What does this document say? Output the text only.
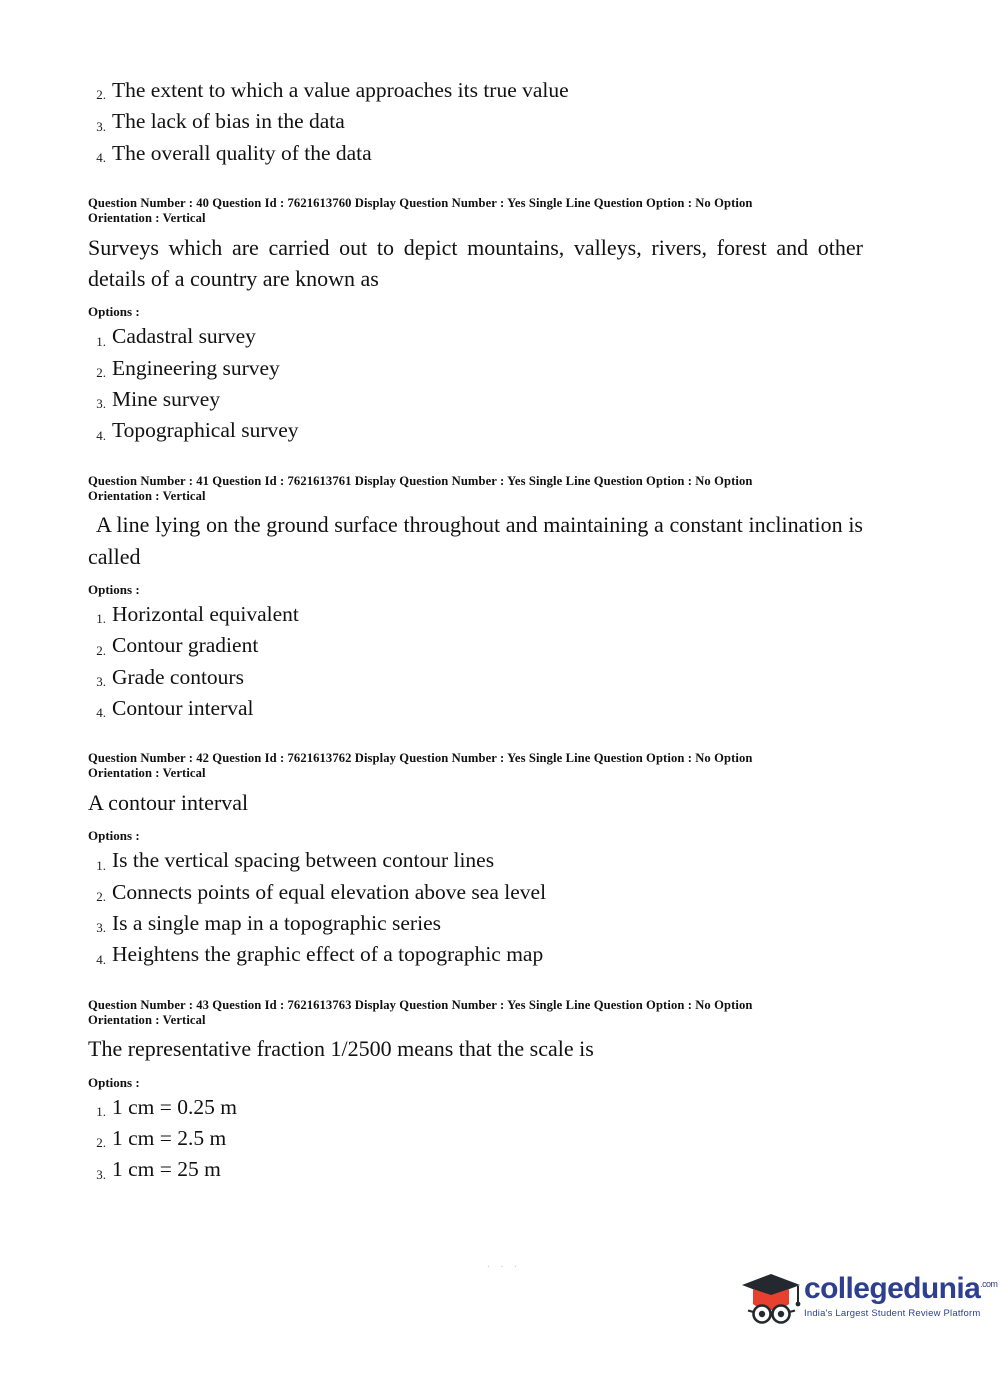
2. The extent to which a value approaches its true value
3. The lack of bias in the data
4. The overall quality of the data
Question Number : 40 Question Id : 7621613760 Display Question Number : Yes Single Line Question Option : No Option
Orientation : Vertical
Surveys which are carried out to depict mountains, valleys, rivers, forest and other details of a country are known as
Options :
1. Cadastral survey
2. Engineering survey
3. Mine survey
4. Topographical survey
Question Number : 41 Question Id : 7621613761 Display Question Number : Yes Single Line Question Option : No Option
Orientation : Vertical
A line lying on the ground surface throughout and maintaining a constant inclination is called
Options :
1. Horizontal equivalent
2. Contour gradient
3. Grade contours
4. Contour interval
Question Number : 42 Question Id : 7621613762 Display Question Number : Yes Single Line Question Option : No Option
Orientation : Vertical
A contour interval
Options :
1. Is the vertical spacing between contour lines
2. Connects points of equal elevation above sea level
3. Is a single map in a topographic series
4. Heightens the graphic effect of a topographic map
Question Number : 43 Question Id : 7621613763 Display Question Number : Yes Single Line Question Option : No Option
Orientation : Vertical
The representative fraction 1/2500 means that the scale is
Options :
1. 1 cm = 0.25 m
2. 1 cm = 2.5 m
3. 1 cm = 25 m
. . .
collegedunia$^{.com}$
India's Largest Student Review Platform
